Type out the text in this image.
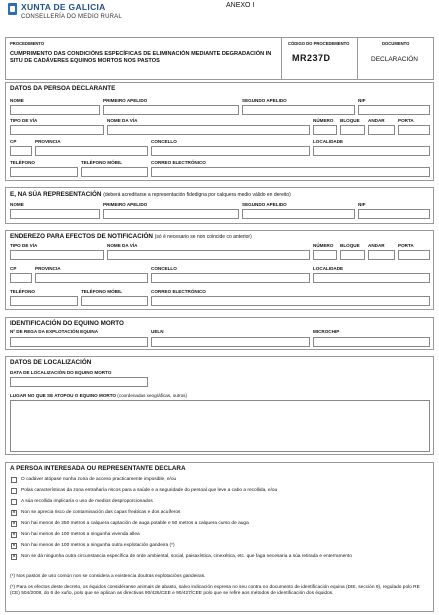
XUNTA DE GALICIA
CONSELLERÍA DO MEDIO RURAL
ANEXO I
PROCEDIMENTO
CUMPRIMENTO DAS CONDICIÓNS ESPECÍFICAS DE ELIMINACIÓN MEDIANTE DEGRADACIÓN IN SITU DE CADÁVERES EQUINOS MORTOS NOS PASTOS
CÓDIGO DO PROCEDEMENTO
MR237D
DOCUMENTO
DECLARACIÓN
DATOS DA PERSOA DECLARANTE
NOME	PRIMEIRO APELIDO	SEGUNDO APELIDO	NIF
TIPO DE VÍA	NOME DA VÍA	NÚMERO BLOQUE ANDAR	PORTA
CP	PROVINCIA	CONCELLO	LOCALIDADE
TELÉFONO	TELÉFONO MÓBIL	CORREO ELECTRÓNICO
E, NA SÚA REPRESENTACIÓN (deberá acreditarse a representación fidedigna por calquera medio válido en dereito)
NOME	PRIMEIRO APELIDO	SEGUNDO APELIDO	NIF
ENDEREZO PARA EFECTOS DE NOTIFICACIÓN (só é necesario se non coincide co anterior)
TIPO DE VÍA	NOME DA VÍA	NÚMERO BLOQUE ANDAR	PORTA
CP	PROVINCIA	CONCELLO	LOCALIDADE
TELÉFONO	TELÉFONO MÓBIL	CORREO ELECTRÓNICO
IDENTIFICACIÓN DO EQUINO MORTO
Nº DE REGA DA EXPLOTACIÓN EQUINA	UELN	MICROCHIP
DATOS DE LOCALIZACIÓN
DATA DE LOCALIZACIÓN DO EQUINO MORTO
LUGAR NO QUE SE ATOPOU O EQUINO MORTO (coordenadas xeográficas, outros)
A PERSOA INTERESADA OU REPRESENTANTE DECLARA
O cadáver atópase nunha zona de acceso practicamente imposible, e/ou
Polas características da zona entrañaría riscos para a saúde e a seguridade do persoal que leve a cabo a recollida, e/ou
A súa recollida implicaría o uso de medios desproporcionados
× Non se aprecia risco de contaminación das capas freáticas e dos acuíferos
× Non hai menos de 250 metros a calquera captación de auga potable e 50 metros a calquera curso de auga
× Non hai menos de 100 metros a ningunha vivenda allea
× Non hai menos de 100 metros a ningunha outra explotación gandeira (*)
× Non se dá ningunha outra circunstancia específica de orde ambiental, social, paisaxística, cinexética, etc. que faga necesaria a súa retirada e enterramento
(*) Nos pastos de uso común non se considera a existencia doutras explotacións gandeiras.
(*) Para os efectos deste decreto, os équidos considéranse animais de abasto, salvo indicación expresa no seu contra no documento de identificación equina (DIE, sección 9), regulado polo RE (CE) 504/2008, do 6 de xuño, polo que se aplican as directivas 90/426/CEE e 90/427/CEE polo que se refire aos métodos de identificación dos équidos.
